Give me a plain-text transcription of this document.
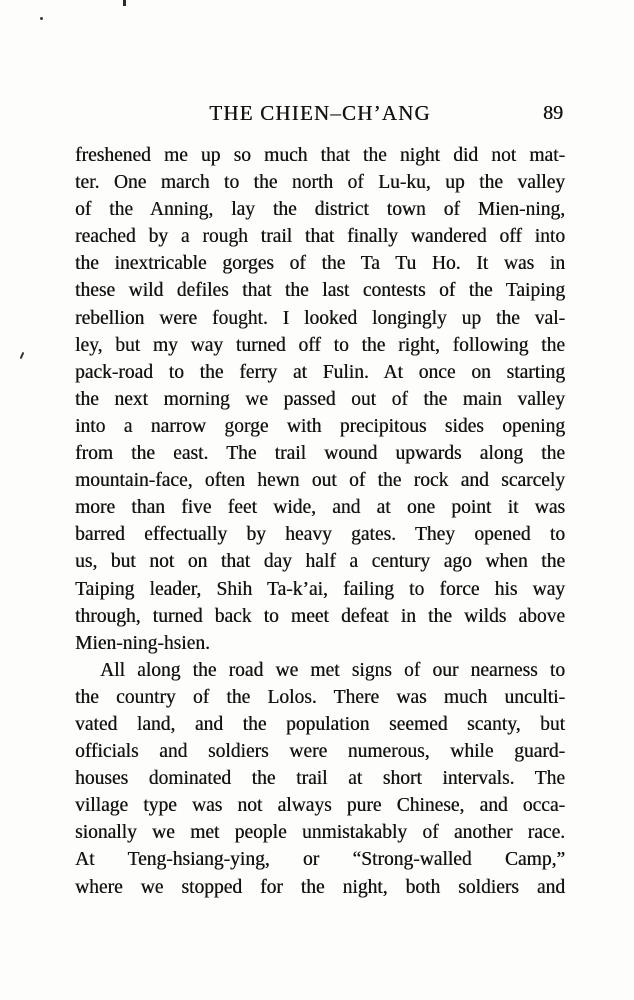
THE CHIEN–CH’ANG	89
freshened me up so much that the night did not mat-
ter. One march to the north of Lu-ku, up the valley
of the Anning, lay the district town of Mien-ning,
reached by a rough trail that finally wandered off into
the inextricable gorges of the Ta Tu Ho. It was in
these wild defiles that the last contests of the Taiping
rebellion were fought. I looked longingly up the val-
ley, but my way turned off to the right, following the
pack-road to the ferry at Fulin. At once on starting
the next morning we passed out of the main valley
into a narrow gorge with precipitous sides opening
from the east. The trail wound upwards along the
mountain-face, often hewn out of the rock and scarcely
more than five feet wide, and at one point it was
barred effectually by heavy gates. They opened to
us, but not on that day half a century ago when the
Taiping leader, Shih Ta-k’ai, failing to force his way
through, turned back to meet defeat in the wilds above
Mien-ning-hsien.
All along the road we met signs of our nearness to
the country of the Lolos. There was much unculti-
vated land, and the population seemed scanty, but
officials and soldiers were numerous, while guard-
houses dominated the trail at short intervals. The
village type was not always pure Chinese, and occa-
sionally we met people unmistakably of another race.
At Teng-hsiang-ying, or “Strong-walled Camp,”
where we stopped for the night, both soldiers and
